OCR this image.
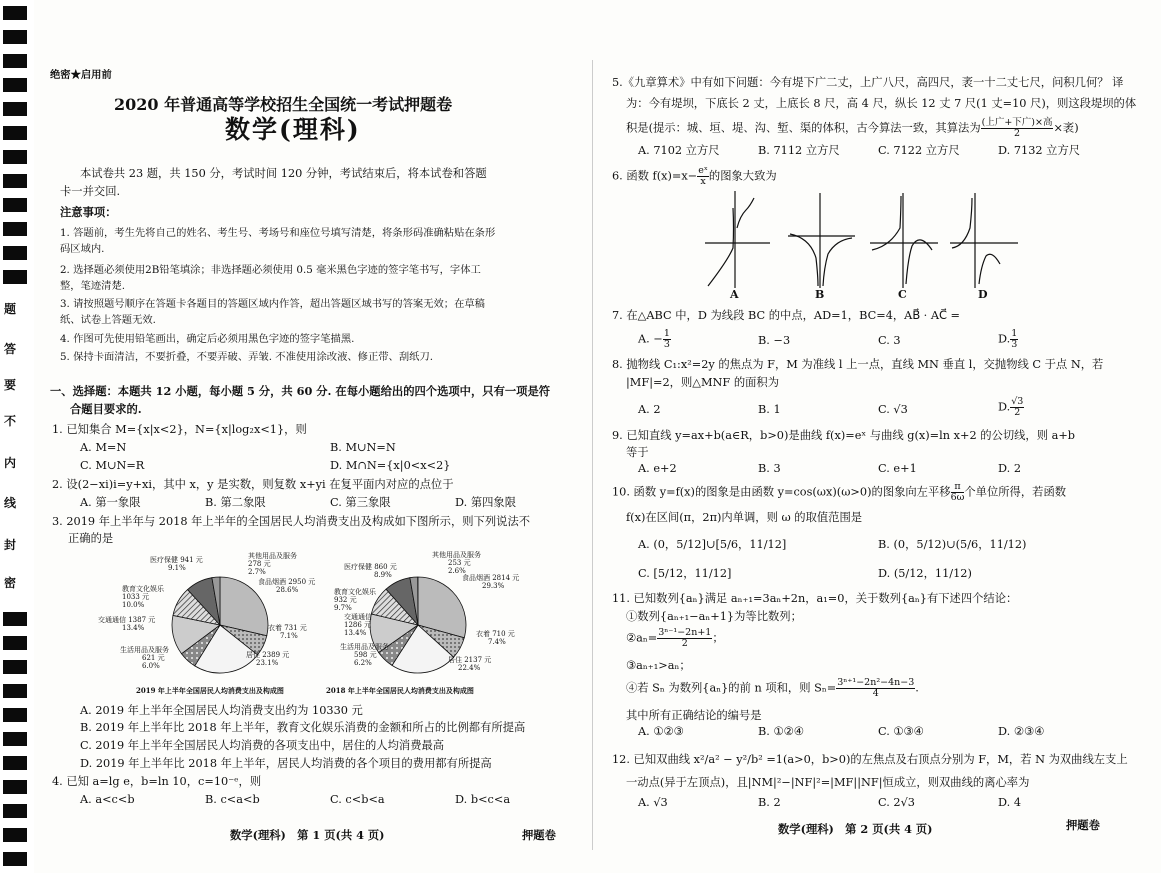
题
答
要
不
内
线
封
密
绝密★启用前
2020 年普通高等学校招生全国统一考试押题卷
数学(理科)
本试卷共 23 题，共 150 分，考试时间 120 分钟，考试结束后，将本试卷和答题
卡一并交回.
注意事项：
1. 答题前，考生先将自己的姓名、考生号、考场号和座位号填写清楚，将条形码准确粘贴在条形
码区域内.
2. 选择题必须使用2B铅笔填涂；非选择题必须使用 0.5 毫米黑色字迹的签字笔书写，字体工
整，笔迹清楚.
3. 请按照题号顺序在答题卡各题目的答题区域内作答，超出答题区域书写的答案无效；在草稿
纸、试卷上答题无效.
4. 作图可先使用铅笔画出，确定后必须用黑色字迹的签字笔描黑.
5. 保持卡面清洁，不要折叠，不要弄破、弄皱. 不准使用涂改液、修正带、刮纸刀.
一、选择题：本题共 12 小题，每小题 5 分，共 60 分. 在每小题给出的四个选项中，只有一项是符
合题目要求的.
1. 已知集合 M={x|x<2}，N={x|log₂x<1}，则
A. M=N	B. M∪N=N
C. M∪N=R	D. M∩N={x|0<x<2}
2. 设(2−xi)i=y+xi，其中 x，y 是实数，则复数 x+yi 在复平面内对应的点位于
A. 第一象限	B. 第二象限	C. 第三象限	D. 第四象限
3. 2019 年上半年与 2018 年上半年的全国居民人均消费支出及构成如下图所示，则下列说法不
正确的是
医疗保健 941 元
9.1%
其他用品及服务
278 元
2.7%
食品烟酒 2950 元
28.6%
教育文化娱乐
1033 元
10.0%
交通通信 1387 元
13.4%	衣着 731 元
7.1%
生活用品及服务
621 元
6.0%
居住 2389 元
23.1%
2019 年上半年全国居民人均消费支出及构成图
医疗保健 860 元
8.9%
其他用品及服务
253 元
2.6%
食品烟酒 2814 元
29.3%
教育文化娱乐
932 元
9.7%
交通通信
1286 元
13.4%	衣着 710 元
7.4%
生活用品及服务
598 元
6.2%	居住 2137 元
22.4%
2018 年上半年全国居民人均消费支出及构成图
A. 2019 年上半年全国居民人均消费支出约为 10330 元
B. 2019 年上半年比 2018 年上半年，教育文化娱乐消费的金额和所占的比例都有所提高
C. 2019 年上半年全国居民人均消费的各项支出中，居住的人均消费最高
D. 2019 年上半年比 2018 年上半年，居民人均消费的各个项目的费用都有所提高
4. 已知 a=lg e，b=ln 10，c=10⁻ᵉ，则
A. a<c<b	B. c<a<b	C. c<b<a	D. b<c<a
数学(理科)　第 1 页(共 4 页)	押题卷
5.《九章算术》中有如下问题：今有堤下广二丈，上广八尺，高四尺，袤一十二丈七尺，问积几何？ 译
为：今有堤坝，下底长 2 丈，上底长 8 尺，高 4 尺，纵长 12 丈 7 尺(1 丈=10 尺)，则这段堤坝的体
积是(提示：城、垣、堤、沟、堑、渠的体积，古今算法一致，其算法为 $\frac{\text{(上广+下广)×高}}{2}$ ×袤)
A. 7102 立方尺	B. 7112 立方尺	C. 7122 立方尺	D. 7132 立方尺
6. 函数 $f(x)=x- \frac{\text{eˣ}}{x}$ 的图象大致为
A	B	C	D
7. 在△ABC 中，D 为线段 BC 的中点，AD=1，BC=4，AB⃗ · AC⃗ =
A. − $\frac{1}{3}$	B. −3	C. 3	D. $\frac{1}{3}$
8. 抛物线 C₁:x²=2y 的焦点为 F，M 为准线 l 上一点，直线 MN 垂直 l，交抛物线 C 于点 N，若
|MF|=2，则△MNF 的面积为
A. 2	B. 1	C. √3	D. $\frac{√3}{2}$
9. 已知直线 y=ax+b(a∈R，b>0)是曲线 f(x)=eˣ 与曲线 g(x)=ln x+2 的公切线，则 a+b
等于
A. e+2	B. 3	C. e+1	D. 2
10. 函数 y=f(x)的图象是由函数 y=cos(ωx)(ω>0)的图象向左平移 $\frac{\pi}{6\omega}$ 个单位所得，若函数
f(x)在区间(π，2π)内单调，则 ω 的取值范围是
A. (0，5/12]∪[5/6，11/12]	B. (0，5/12)∪(5/6，11/12)
C. [5/12，11/12]	D. (5/12，11/12)
11. 已知数列{aₙ}满足 aₙ₊₁=3aₙ+2n，a₁=0，关于数列{aₙ}有下述四个结论：
①数列{aₙ₊₁−aₙ+1}为等比数列；
②aₙ= $\frac{\text{3ⁿ⁻¹−2n+1}}{2}$ ；
③aₙ₊₁>aₙ；
④若 Sₙ 为数列{aₙ}的前 n 项和，则 $S_n= \frac{\text{3ⁿ⁺¹−2n²−4n−3}}{4}$ .
其中所有正确结论的编号是
A. ①②③	B. ①②④	C. ①③④	D. ②③④
12. 已知双曲线 x²/a² − y²/b² =1(a>0，b>0)的左焦点及右顶点分别为 F，M，若 N 为双曲线左支上
一动点(异于左顶点)，且|NM|²−|NF|²=|MF||NF|恒成立，则双曲线的离心率为
A. √3	B. 2	C. 2√3	D. 4
数学(理科)　第 2 页(共 4 页)	押题卷
